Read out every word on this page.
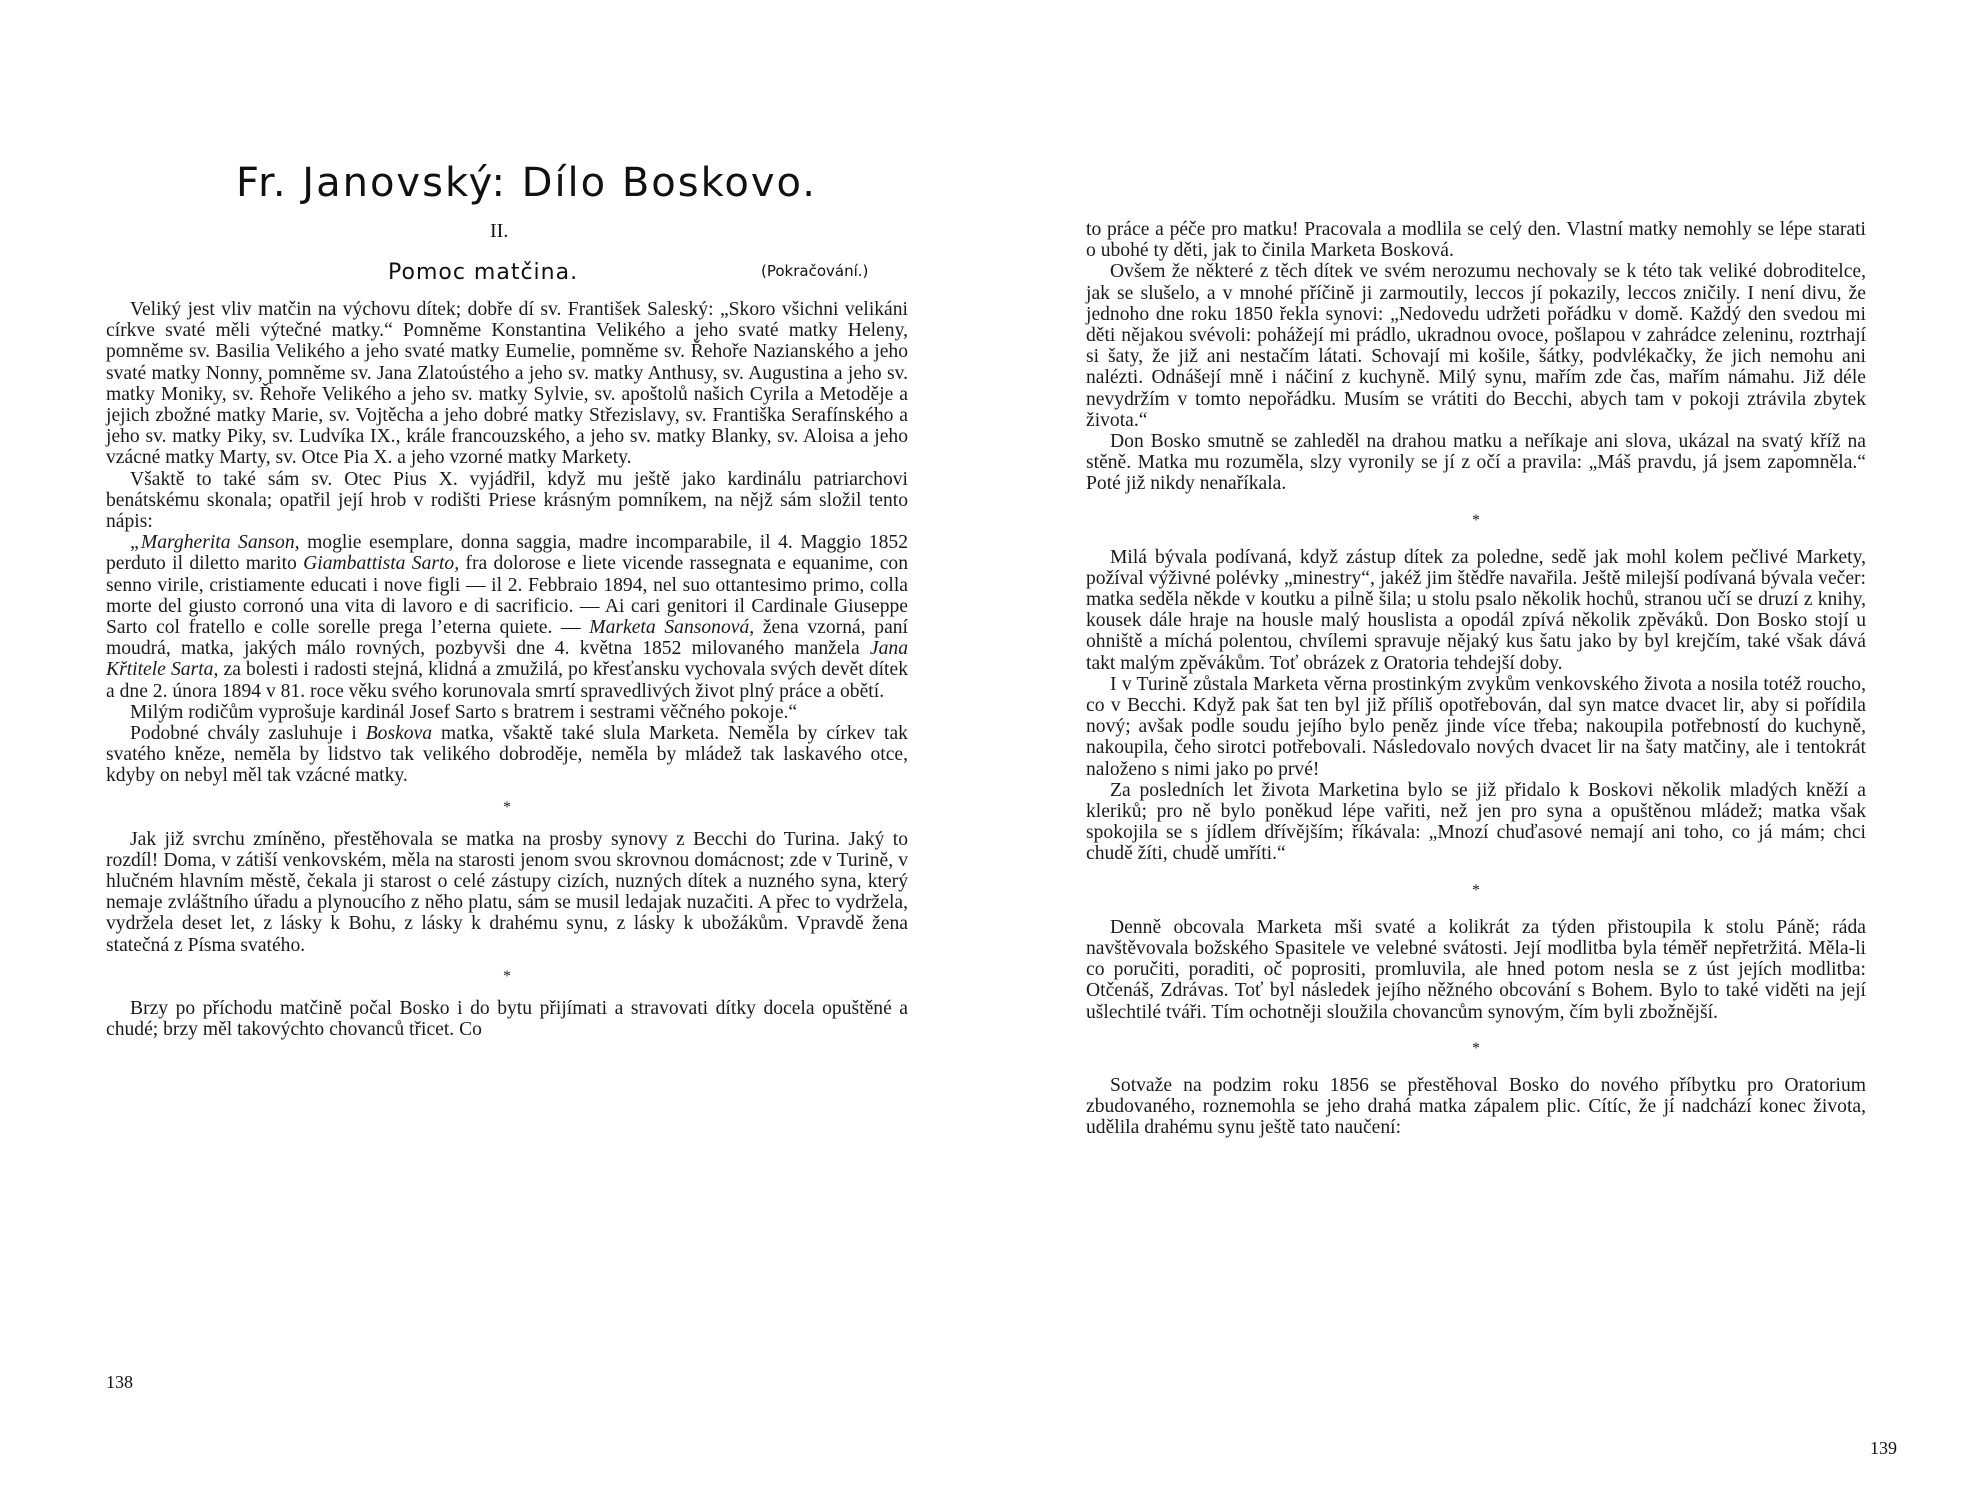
Fr. Janovský: Dílo Boskovo.
II.
Pomoc matčina.	(Pokračování.)

Veliký jest vliv matčin na výchovu dítek; dobře dí sv. František Saleský: „Skoro všichni velikáni církve svaté měli výtečné matky.“ Pomněme Konstantina Velikého a jeho svaté matky Heleny, pomněme sv. Basilia Velikého a jeho svaté matky Eumelie, pomněme sv. Řehoře Nazianského a jeho svaté matky Nonny, pomněme sv. Jana Zlatoústého a jeho sv. matky Anthusy, sv. Augustina a jeho sv. matky Moniky, sv. Řehoře Velikého a jeho sv. matky Sylvie, sv. apoštolů našich Cyrila a Metoděje a jejich zbožné matky Marie, sv. Vojtěcha a jeho dobré matky Střezislavy, sv. Františka Serafínského a jeho sv. matky Piky, sv. Ludvíka IX., krále francouzského, a jeho sv. matky Blanky, sv. Aloisa a jeho vzácné matky Marty, sv. Otce Pia X. a jeho vzorné matky Markety.

Všaktě to také sám sv. Otec Pius X. vyjádřil, když mu ještě jako kardinálu patriarchovi benátskému skonala; opatřil její hrob v rodišti Priese krásným pomníkem, na nějž sám složil tento nápis:

„Margherita Sanson, moglie esemplare, donna saggia, madre incomparabile, il 4. Maggio 1852 perduto il diletto marito Giambattista Sarto, fra dolorose e liete vicende rassegnata e equanime, con senno virile, cristiamente educati i nove figli — il 2. Febbraio 1894, nel suo ottantesimo primo, colla morte del giusto corronó una vita di lavoro e di sacrificio. — Ai cari genitori il Cardinale Giuseppe Sarto col fratello e colle sorelle prega l’eterna quiete. — Marketa Sansonová, žena vzorná, paní moudrá, matka, jakých málo rovných, pozbyvši dne 4. května 1852 milovaného manžela Jana Křtitele Sarta, za bolesti i radosti stejná, klidná a zmužilá, po křesťansku vychovala svých devět dítek a dne 2. února 1894 v 81. roce věku svého korunovala smrtí spravedlivých život plný práce a obětí.

Milým rodičům vyprošuje kardinál Josef Sarto s bratrem i sestrami věčného pokoje.“

Podobné chvály zasluhuje i Boskova matka, všaktě také slula Marketa. Neměla by církev tak svatého kněze, neměla by lidstvo tak velikého dobroděje, neměla by mládež tak laskavého otce, kdyby on nebyl měl tak vzácné matky.

*

Jak již svrchu zmíněno, přestěhovala se matka na prosby synovy z Becchi do Turina. Jaký to rozdíl! Doma, v zátiší venkovském, měla na starosti jenom svou skrovnou domácnost; zde v Turině, v hlučném hlavním městě, čekala ji starost o celé zástupy cizích, nuzných dítek a nuzného syna, který nemaje zvláštního úřadu a plynoucího z něho platu, sám se musil ledajak nuzačiti. A přec to vydržela, vydržela deset let, z lásky k Bohu, z lásky k drahému synu, z lásky k ubožákům. Vpravdě žena statečná z Písma svatého.

*

Brzy po příchodu matčině počal Bosko i do bytu přijímati a stravovati dítky docela opuštěné a chudé; brzy měl takovýchto chovanců třicet. Co

138

to práce a péče pro matku! Pracovala a modlila se celý den. Vlastní matky nemohly se lépe starati o ubohé ty děti, jak to činila Marketa Bosková.

Ovšem že některé z těch dítek ve svém nerozumu nechovaly se k této tak veliké dobroditelce, jak se slušelo, a v mnohé příčině ji zarmoutily, leccos jí pokazily, leccos zničily. I není divu, že jednoho dne roku 1850 řekla synovi: „Nedovedu udržeti pořádku v domě. Každý den svedou mi děti nějakou svévoli: pohážejí mi prádlo, ukradnou ovoce, pošlapou v zahrádce zeleninu, roztrhají si šaty, že již ani nestačím látati. Schovají mi košile, šátky, podvlékačky, že jich nemohu ani nalézti. Odnášejí mně i náčiní z kuchyně. Milý synu, mařím zde čas, mařím námahu. Již déle nevydržím v tomto nepořádku. Musím se vrátiti do Becchi, abych tam v pokoji ztrávila zbytek života.“

Don Bosko smutně se zahleděl na drahou matku a neříkaje ani slova, ukázal na svatý kříž na stěně. Matka mu rozuměla, slzy vyronily se jí z očí a pravila: „Máš pravdu, já jsem zapomněla.“ Poté již nikdy nenaříkala.

*

Milá bývala podívaná, když zástup dítek za poledne, sedě jak mohl kolem pečlivé Markety, požíval výživné polévky „minestry“, jakéž jim štědře navařila. Ještě milejší podívaná bývala večer: matka seděla někde v koutku a pilně šila; u stolu psalo několik hochů, stranou učí se druzí z knihy, kousek dále hraje na housle malý houslista a opodál zpívá několik zpěváků. Don Bosko stojí u ohniště a míchá polentou, chvílemi spravuje nějaký kus šatu jako by byl krejčím, také však dává takt malým zpěvákům. Toť obrázek z Oratoria tehdejší doby.

I v Turině zůstala Marketa věrna prostinkým zvykům venkovského života a nosila totéž roucho, co v Becchi. Když pak šat ten byl již příliš opotřebován, dal syn matce dvacet lir, aby si pořídila nový; avšak podle soudu jejího bylo peněz jinde více třeba; nakoupila potřebností do kuchyně, nakoupila, čeho sirotci potřebovali. Následovalo nových dvacet lir na šaty matčiny, ale i tentokrát naloženo s nimi jako po prvé!

Za posledních let života Marketina bylo se již přidalo k Boskovi několik mladých kněží a kleriků; pro ně bylo poněkud lépe vařiti, než jen pro syna a opuštěnou mládež; matka však spokojila se s jídlem dřívějším; říkávala: „Mnozí chuďasové nemají ani toho, co já mám; chci chudě žíti, chudě umříti.“

*

Denně obcovala Marketa mši svaté a kolikrát za týden přistoupila k stolu Páně; ráda navštěvovala božského Spasitele ve velebné svátosti. Její modlitba byla téměř nepřetržitá. Měla-li co poručiti, poraditi, oč poprositi, promluvila, ale hned potom nesla se z úst jejích modlitba: Otčenáš, Zdrávas. Toť byl následek jejího něžného obcování s Bohem. Bylo to také viděti na její ušlechtilé tváři. Tím ochotněji sloužila chovancům synovým, čím byli zbožnější.

*

Sotvaže na podzim roku 1856 se přestěhoval Bosko do nového příbytku pro Oratorium zbudovaného, roznemohla se jeho drahá matka zápalem plic. Cítíc, že jí nadchází konec života, udělila drahému synu ještě tato naučení:

139
